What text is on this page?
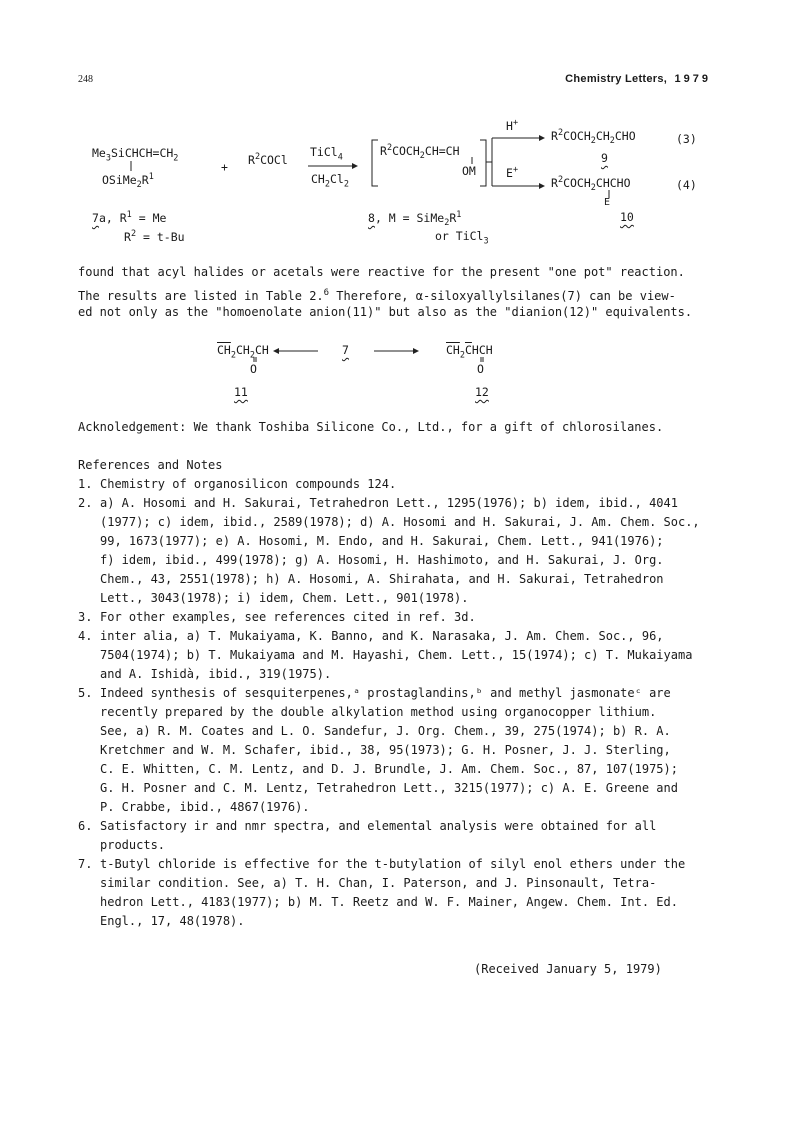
248	Chemistry Letters, 1979
$Me_3SiCHCH=CH_2$
$OSiMe_2R^1$
+
$R^2COCl$
TiCl$_4$
$CH_2Cl_2$
$R^2COCH_2CH=CH$
OM
H+
E+
$R^2COCH_2CH_2CHO$	(3)
9
$R^2COCH_2CHCHO$	(4)
E
10
7a, $R^1 = Me$
$R^2 = t-Bu$
8, $M = SiMe_2R^1$
or TiCl$_3$
found that acyl halides or acetals were reactive for the present "one pot" reaction.
The results are listed in Table 2.$^6$ Therefore, α-siloxyallylsilanes(7) can be view-
ed not only as the "homoenolate anion(11)" but also as the "dianion(12)" equivalents.
$\overline{CH}_2CH_2CH$
O
7	$\overline{CH}_2\overline{C}HCH$
O
11	12
Acknoledgement: We thank Toshiba Silicone Co., Ltd., for a gift of chlorosilanes.
References and Notes
1. Chemistry of organosilicon compounds 124.
2. a) A. Hosomi and H. Sakurai, Tetrahedron Lett., 1295(1976); b) idem, ibid., 4041
(1977); c) idem, ibid., 2589(1978); d) A. Hosomi and H. Sakurai, J. Am. Chem. Soc.,
99, 1673(1977); e) A. Hosomi, M. Endo, and H. Sakurai, Chem. Lett., 941(1976);
f) idem, ibid., 499(1978); g) A. Hosomi, H. Hashimoto, and H. Sakurai, J. Org.
Chem., 43, 2551(1978); h) A. Hosomi, A. Shirahata, and H. Sakurai, Tetrahedron
Lett., 3043(1978); i) idem, Chem. Lett., 901(1978).
3. For other examples, see references cited in ref. 3d.
4. inter alia, a) T. Mukaiyama, K. Banno, and K. Narasaka, J. Am. Chem. Soc., 96,
7504(1974); b) T. Mukaiyama and M. Hayashi, Chem. Lett., 15(1974); c) T. Mukaiyama
and A. Ishidà, ibid., 319(1975).
5. Indeed synthesis of sesquiterpenes,ᵃ prostaglandins,ᵇ and methyl jasmonateᶜ are
recently prepared by the double alkylation method using organocopper lithium.
See, a) R. M. Coates and L. O. Sandefur, J. Org. Chem., 39, 275(1974); b) R. A.
Kretchmer and W. M. Schafer, ibid., 38, 95(1973); G. H. Posner, J. J. Sterling,
C. E. Whitten, C. M. Lentz, and D. J. Brundle, J. Am. Chem. Soc., 87, 107(1975);
G. H. Posner and C. M. Lentz, Tetrahedron Lett., 3215(1977); c) A. E. Greene and
P. Crabbe, ibid., 4867(1976).
6. Satisfactory ir and nmr spectra, and elemental analysis were obtained for all
products.
7. t-Butyl chloride is effective for the t-butylation of silyl enol ethers under the
similar condition. See, a) T. H. Chan, I. Paterson, and J. Pinsonault, Tetra-
hedron Lett., 4183(1977); b) M. T. Reetz and W. F. Mainer, Angew. Chem. Int. Ed.
Engl., 17, 48(1978).
(Received January 5, 1979)
